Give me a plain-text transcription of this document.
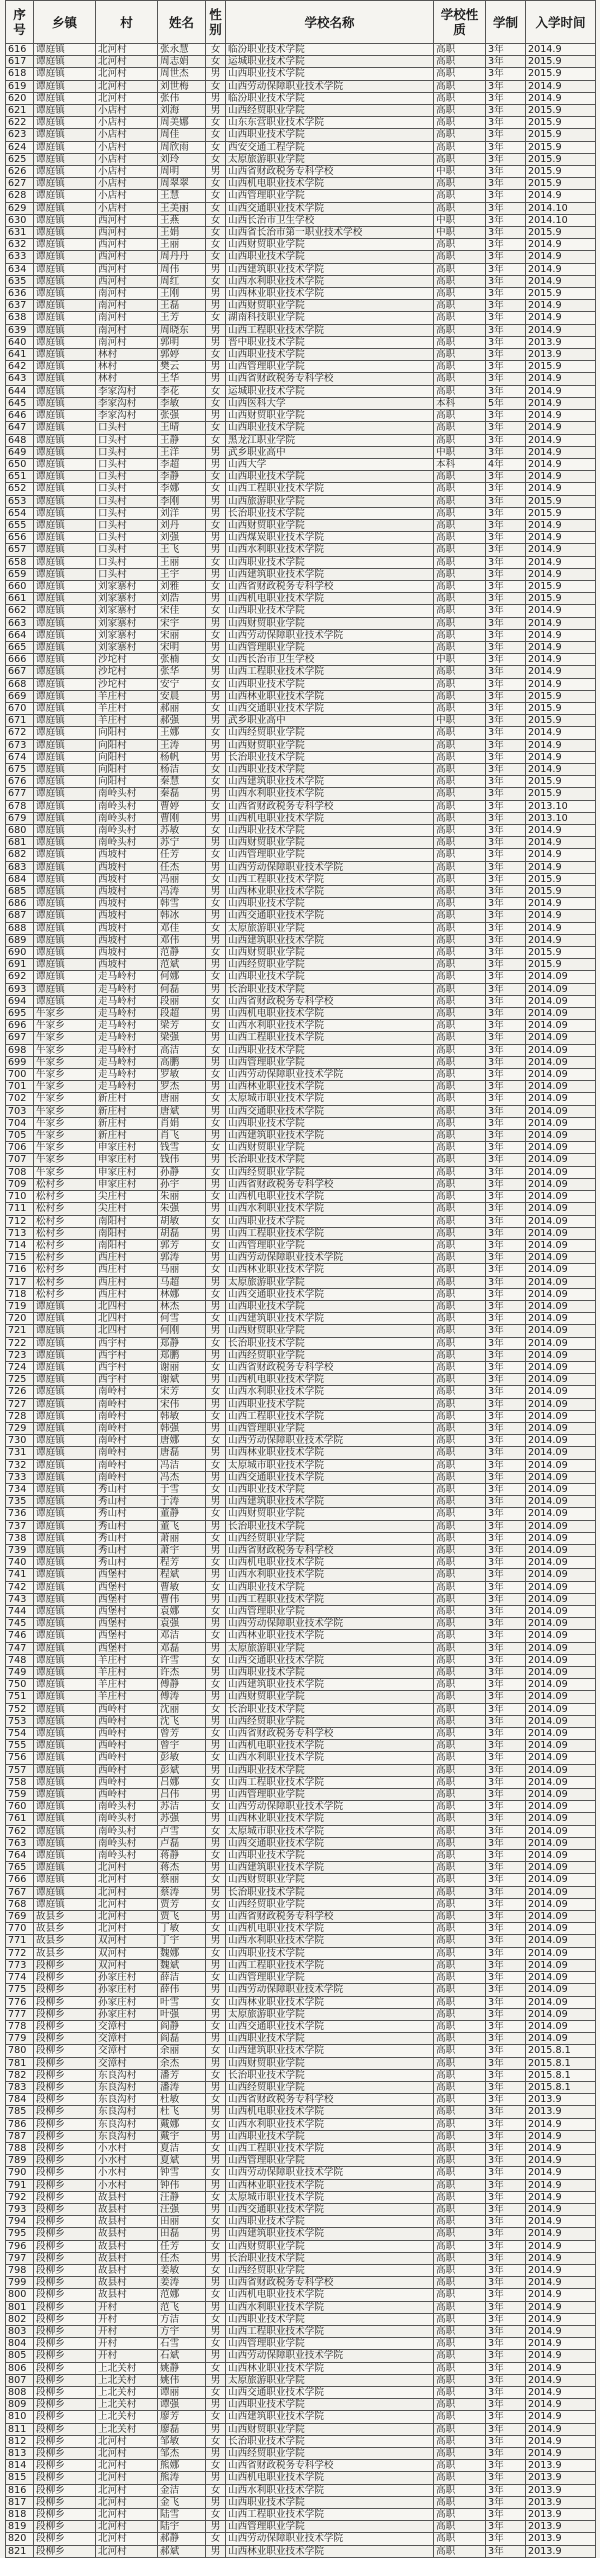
序号	乡镇	村	姓名	性别	学校名称	学校性质	学制	入学时间
616	谭庭镇	北河村	张永慧	女	临汾职业技术学院	高职	3年	2014.9
617	谭庭镇	北河村	周志娟	女	运城职业技术学院	高职	3年	2015.9
618	谭庭镇	北河村	周世杰	男	山西职业技术学院	高职	3年	2015.9
619	谭庭镇	北河村	刘世梅	女	山西劳动保障职业技术学院	高职	3年	2014.9
620	谭庭镇	北河村	张伟	男	临汾职业技术学院	高职	3年	2014.9
621	谭庭镇	小店村	刘海	男	山西经贸职业学院	高职	3年	2015.9
622	谭庭镇	小店村	周美娜	女	山东东营职业技术学院	高职	3年	2015.9
623	谭庭镇	小店村	周佳	女	山西职业技术学院	高职	3年	2015.9
624	谭庭镇	小店村	周欣雨	女	西安交通工程学院	高职	3年	2015.9
625	谭庭镇	小店村	刘玲	女	太原旅游职业学院	高职	3年	2015.9
626	谭庭镇	小店村	周明	男	山西省财政税务专科学校	中职	3年	2015.9
627	谭庭镇	小店村	周翠翠	女	山西机电职业技术学院	高职	3年	2015.9
628	谭庭镇	小店村	王慧	女	山西管理职业学院	高职	3年	2014.9
629	谭庭镇	小店村	王美丽	女	山西交通职业技术学院	高职	3年	2014.10
630	谭庭镇	西河村	王燕	女	山西长治市卫生学校	中职	3年	2014.10
631	谭庭镇	西河村	王娟	女	山西省长治市第一职业技术学校	中职	3年	2015.9
632	谭庭镇	西河村	王丽	女	山西财贸职业学院	高职	3年	2014.9
633	谭庭镇	西河村	周丹丹	女	山西职业技术学院	高职	3年	2014.9
634	谭庭镇	西河村	周伟	男	山西建筑职业技术学院	高职	3年	2014.9
635	谭庭镇	西河村	周红	女	山西水利职业技术学院	高职	3年	2014.9
636	谭庭镇	南河村	王刚	男	山西林业职业技术学院	高职	3年	2015.9
637	谭庭镇	南河村	王磊	男	山西财贸职业学院	高职	3年	2014.9
638	谭庭镇	南河村	王芳	女	湖南科技职业学院	高职	3年	2014.9
639	谭庭镇	南河村	周晓东	男	山西工程职业技术学院	高职	3年	2014.9
640	谭庭镇	南河村	郭明	男	晋中职业技术学院	高职	3年	2013.9
641	谭庭镇	林村	郭婷	女	山西职业技术学院	高职	3年	2013.9
642	谭庭镇	林村	樊云	男	山西管理职业学院	高职	3年	2015.9
643	谭庭镇	林村	王华	男	山西省财政税务专科学校	高职	3年	2014.9
644	谭庭镇	李家沟村	李花	女	运城职业技术学院	高职	3年	2014.9
645	谭庭镇	李家沟村	李敏	女	山西医科大学	本科	5年	2014.9
646	谭庭镇	李家沟村	张强	男	山西财贸职业学院	高职	3年	2014.9
647	谭庭镇	口头村	王晴	女	山西职业技术学院	高职	3年	2014.9
648	谭庭镇	口头村	王静	女	黑龙江职业学院	高职	3年	2014.9
649	谭庭镇	口头村	王洋	男	武乡职业高中	中职	3年	2014.9
650	谭庭镇	口头村	李超	男	山西大学	本科	4年	2014.9
651	谭庭镇	口头村	李静	女	山西职业技术学院	高职	3年	2014.9
652	谭庭镇	口头村	李娜	女	山西工程职业技术学院	高职	3年	2014.9
653	谭庭镇	口头村	李刚	男	山西旅游职业学院	高职	3年	2015.9
654	谭庭镇	口头村	刘洋	男	长治职业技术学院	高职	3年	2015.9
655	谭庭镇	口头村	刘丹	女	山西财贸职业学院	高职	3年	2014.9
656	谭庭镇	口头村	刘强	男	山西煤炭职业技术学院	高职	3年	2014.9
657	谭庭镇	口头村	王飞	男	山西水利职业技术学院	高职	3年	2014.9
658	谭庭镇	口头村	王丽	女	山西职业技术学院	高职	3年	2014.9
659	谭庭镇	口头村	王宇	男	山西建筑职业技术学院	高职	3年	2014.9
660	谭庭镇	刘家寨村	刘雅	女	山西省财政税务专科学校	高职	3年	2015.9
661	谭庭镇	刘家寨村	刘浩	男	山西机电职业技术学院	高职	3年	2015.9
662	谭庭镇	刘家寨村	宋佳	女	山西职业技术学院	高职	3年	2014.9
663	谭庭镇	刘家寨村	宋宇	男	山西财贸职业学院	高职	3年	2014.9
664	谭庭镇	刘家寨村	宋丽	女	山西劳动保障职业技术学院	高职	3年	2014.9
665	谭庭镇	刘家寨村	宋明	男	山西管理职业学院	高职	3年	2014.9
666	谭庭镇	沙坨村	张楠	女	山西长治市卫生学校	中职	3年	2014.9
667	谭庭镇	沙坨村	张华	男	山西工程职业技术学院	高职	3年	2014.9
668	谭庭镇	沙坨村	安宁	女	山西职业技术学院	高职	3年	2014.9
669	谭庭镇	羊庄村	安晨	男	山西林业职业技术学院	高职	3年	2015.9
670	谭庭镇	羊庄村	郝丽	女	山西交通职业技术学院	高职	3年	2015.9
671	谭庭镇	羊庄村	郝强	男	武乡职业高中	中职	3年	2015.9
672	谭庭镇	向阳村	王娜	女	山西经贸职业学院	高职	3年	2014.9
673	谭庭镇	向阳村	王涛	男	山西财贸职业学院	高职	3年	2014.9
674	谭庭镇	向阳村	杨帆	男	长治职业技术学院	高职	3年	2014.9
675	谭庭镇	向阳村	杨洁	女	山西职业技术学院	高职	3年	2014.9
676	谭庭镇	向阳村	秦慧	女	山西建筑职业技术学院	高职	3年	2015.9
677	谭庭镇	南岭头村	秦磊	男	山西水利职业技术学院	高职	3年	2015.9
678	谭庭镇	南岭头村	曹婷	女	山西省财政税务专科学校	高职	3年	2013.10
679	谭庭镇	南岭头村	曹刚	男	山西机电职业技术学院	高职	3年	2013.10
680	谭庭镇	南岭头村	苏敏	女	山西职业技术学院	高职	3年	2014.9
681	谭庭镇	南岭头村	苏宁	男	山西财贸职业学院	高职	3年	2014.9
682	谭庭镇	西坡村	任芳	女	山西管理职业学院	高职	3年	2014.9
683	谭庭镇	西坡村	任杰	男	山西劳动保障职业技术学院	高职	3年	2014.9
684	谭庭镇	西坡村	冯丽	女	山西工程职业技术学院	高职	3年	2015.9
685	谭庭镇	西坡村	冯涛	男	山西林业职业技术学院	高职	3年	2015.9
686	谭庭镇	西坡村	韩雪	女	山西职业技术学院	高职	3年	2014.9
687	谭庭镇	西坡村	韩冰	男	山西交通职业技术学院	高职	3年	2014.9
688	谭庭镇	西坡村	邓佳	女	太原旅游职业学院	高职	3年	2014.9
689	谭庭镇	西坡村	邓伟	男	山西建筑职业技术学院	高职	3年	2014.9
690	谭庭镇	西坡村	范静	女	山西财贸职业学院	高职	3年	2015.9
691	谭庭镇	西坡村	范斌	男	山西经贸职业学院	高职	3年	2015.9
692	谭庭镇	走马岭村	何娜	女	山西职业技术学院	高职	3年	2014.09
693	谭庭镇	走马岭村	何磊	男	长治职业技术学院	高职	3年	2014.09
694	谭庭镇	走马岭村	段丽	女	山西省财政税务专科学校	高职	3年	2014.09
695	牛家乡	走马岭村	段超	男	山西机电职业技术学院	高职	3年	2014.09
696	牛家乡	走马岭村	梁芳	女	山西水利职业技术学院	高职	3年	2014.09
697	牛家乡	走马岭村	梁强	男	山西工程职业技术学院	高职	3年	2014.09
698	牛家乡	走马岭村	高洁	女	山西职业技术学院	高职	3年	2014.09
699	牛家乡	走马岭村	高鹏	男	山西管理职业学院	高职	3年	2014.09
700	牛家乡	走马岭村	罗敏	女	山西劳动保障职业技术学院	高职	3年	2014.09
701	牛家乡	走马岭村	罗杰	男	山西林业职业技术学院	高职	3年	2014.09
702	牛家乡	新庄村	唐丽	女	太原城市职业技术学院	高职	3年	2014.09
703	牛家乡	新庄村	唐斌	男	山西交通职业技术学院	高职	3年	2014.09
704	牛家乡	新庄村	肖娟	女	山西职业技术学院	高职	3年	2014.09
705	牛家乡	新庄村	肖飞	男	山西建筑职业技术学院	高职	3年	2014.09
706	牛家乡	申家庄村	钱雪	女	山西财贸职业学院	高职	3年	2014.09
707	牛家乡	申家庄村	钱伟	男	长治职业技术学院	高职	3年	2014.09
708	牛家乡	申家庄村	孙静	女	山西经贸职业学院	高职	3年	2014.09
709	松村乡	申家庄村	孙宇	男	山西省财政税务专科学校	高职	3年	2014.09
710	松村乡	尖庄村	朱丽	女	山西机电职业技术学院	高职	3年	2014.09
711	松村乡	尖庄村	朱强	男	山西水利职业技术学院	高职	3年	2014.09
712	松村乡	南阳村	胡敏	女	山西职业技术学院	高职	3年	2014.09
713	松村乡	南阳村	胡磊	男	山西工程职业技术学院	高职	3年	2014.09
714	松村乡	南阳村	郭芳	女	山西管理职业学院	高职	3年	2014.09
715	松村乡	西庄村	郭涛	男	山西劳动保障职业技术学院	高职	3年	2014.09
716	松村乡	西庄村	马丽	女	山西林业职业技术学院	高职	3年	2014.09
717	松村乡	西庄村	马超	男	太原旅游职业学院	高职	3年	2014.09
718	松村乡	西庄村	林娜	女	山西交通职业技术学院	高职	3年	2014.09
719	谭庭镇	北四村	林杰	男	山西职业技术学院	高职	3年	2014.09
720	谭庭镇	北四村	何雪	女	山西建筑职业技术学院	高职	3年	2014.09
721	谭庭镇	北四村	何刚	男	山西财贸职业学院	高职	3年	2014.09
722	谭庭镇	西宇村	郑静	女	长治职业技术学院	高职	3年	2014.09
723	谭庭镇	西宇村	郑鹏	男	山西经贸职业学院	高职	3年	2014.09
724	谭庭镇	西宇村	谢丽	女	山西省财政税务专科学校	高职	3年	2014.09
725	谭庭镇	西宇村	谢斌	男	山西机电职业技术学院	高职	3年	2014.09
726	谭庭镇	南岭村	宋芳	女	山西水利职业技术学院	高职	3年	2014.09
727	谭庭镇	南岭村	宋伟	男	山西职业技术学院	高职	3年	2014.09
728	谭庭镇	南岭村	韩敏	女	山西工程职业技术学院	高职	3年	2014.09
729	谭庭镇	南岭村	韩强	男	山西管理职业学院	高职	3年	2014.09
730	谭庭镇	南岭村	唐娜	女	山西劳动保障职业技术学院	高职	3年	2014.09
731	谭庭镇	南岭村	唐磊	男	山西林业职业技术学院	高职	3年	2014.09
732	谭庭镇	南岭村	冯洁	女	太原城市职业技术学院	高职	3年	2014.09
733	谭庭镇	南岭村	冯杰	男	山西交通职业技术学院	高职	3年	2014.09
734	谭庭镇	秀山村	于雪	女	山西职业技术学院	高职	3年	2014.09
735	谭庭镇	秀山村	于涛	男	山西建筑职业技术学院	高职	3年	2014.09
736	谭庭镇	秀山村	董静	女	山西财贸职业学院	高职	3年	2014.09
737	谭庭镇	秀山村	董飞	男	长治职业技术学院	高职	3年	2014.09
738	谭庭镇	秀山村	萧丽	女	山西经贸职业学院	高职	3年	2014.09
739	谭庭镇	秀山村	萧宇	男	山西省财政税务专科学校	高职	3年	2014.09
740	谭庭镇	秀山村	程芳	女	山西机电职业技术学院	高职	3年	2014.09
741	谭庭镇	西堡村	程斌	男	山西水利职业技术学院	高职	3年	2014.09
742	谭庭镇	西堡村	曹敏	女	山西职业技术学院	高职	3年	2014.09
743	谭庭镇	西堡村	曹伟	男	山西工程职业技术学院	高职	3年	2014.09
744	谭庭镇	西堡村	袁娜	女	山西管理职业学院	高职	3年	2014.09
745	谭庭镇	西堡村	袁强	男	山西劳动保障职业技术学院	高职	3年	2014.09
746	谭庭镇	西堡村	邓洁	女	山西林业职业技术学院	高职	3年	2014.09
747	谭庭镇	西堡村	邓磊	男	太原旅游职业学院	高职	3年	2014.09
748	谭庭镇	羊庄村	许雪	女	山西交通职业技术学院	高职	3年	2014.09
749	谭庭镇	羊庄村	许杰	男	山西职业技术学院	高职	3年	2014.09
750	谭庭镇	羊庄村	傅静	女	山西建筑职业技术学院	高职	3年	2014.09
751	谭庭镇	羊庄村	傅涛	男	山西财贸职业学院	高职	3年	2014.09
752	谭庭镇	西岭村	沈丽	女	长治职业技术学院	高职	3年	2014.09
753	谭庭镇	西岭村	沈飞	男	山西经贸职业学院	高职	3年	2014.09
754	谭庭镇	西岭村	曾芳	女	山西省财政税务专科学校	高职	3年	2014.09
755	谭庭镇	西岭村	曾宇	男	山西机电职业技术学院	高职	3年	2014.09
756	谭庭镇	西岭村	彭敏	女	山西水利职业技术学院	高职	3年	2014.09
757	谭庭镇	西岭村	彭斌	男	山西职业技术学院	高职	3年	2014.09
758	谭庭镇	西岭村	吕娜	女	山西工程职业技术学院	高职	3年	2014.09
759	谭庭镇	西岭村	吕伟	男	山西管理职业学院	高职	3年	2014.09
760	谭庭镇	南岭头村	苏洁	女	山西劳动保障职业技术学院	高职	3年	2014.09
761	谭庭镇	南岭头村	苏强	男	山西林业职业技术学院	高职	3年	2014.09
762	谭庭镇	南岭头村	卢雪	女	太原城市职业技术学院	高职	3年	2014.09
763	谭庭镇	南岭头村	卢磊	男	山西交通职业技术学院	高职	3年	2014.09
764	谭庭镇	南岭头村	蒋静	女	山西职业技术学院	高职	3年	2014.09
765	谭庭镇	北河村	蒋杰	男	山西建筑职业技术学院	高职	3年	2014.09
766	谭庭镇	北河村	蔡丽	女	山西财贸职业学院	高职	3年	2014.09
767	谭庭镇	北河村	蔡涛	男	长治职业技术学院	高职	3年	2014.09
768	谭庭镇	北河村	贾芳	女	山西经贸职业学院	高职	3年	2014.09
769	故县乡	北河村	贾飞	男	山西省财政税务专科学校	高职	3年	2014.09
770	故县乡	北河村	丁敏	女	山西机电职业技术学院	高职	3年	2014.09
771	故县乡	双河村	丁宇	男	山西水利职业技术学院	高职	3年	2014.09
772	故县乡	双河村	魏娜	女	山西职业技术学院	高职	3年	2014.09
773	段柳乡	双河村	魏斌	男	山西工程职业技术学院	高职	3年	2014.09
774	段柳乡	孙家庄村	薛洁	女	山西管理职业学院	高职	3年	2014.09
775	段柳乡	孙家庄村	薛伟	男	山西劳动保障职业技术学院	高职	3年	2014.09
776	段柳乡	孙家庄村	叶雪	女	山西林业职业技术学院	高职	3年	2014.09
777	段柳乡	孙家庄村	叶强	男	太原旅游职业学院	高职	3年	2014.09
778	段柳乡	交漳村	阎静	女	山西交通职业技术学院	高职	3年	2014.09
779	段柳乡	交漳村	阎磊	男	山西职业技术学院	高职	3年	2014.09
780	段柳乡	交漳村	余丽	女	山西建筑职业技术学院	高职	3年	2015.8.1
781	段柳乡	交漳村	余杰	男	山西财贸职业学院	高职	3年	2015.8.1
782	段柳乡	东良沟村	潘芳	女	长治职业技术学院	高职	3年	2015.8.1
783	段柳乡	东良沟村	潘涛	男	山西经贸职业学院	高职	3年	2015.8.1
784	段柳乡	东良沟村	杜敏	女	山西省财政税务专科学校	高职	3年	2013.9
785	段柳乡	东良沟村	杜飞	男	山西机电职业技术学院	高职	3年	2013.9
786	段柳乡	东良沟村	戴娜	女	山西水利职业技术学院	高职	3年	2014.9
787	段柳乡	东良沟村	戴宇	男	山西职业技术学院	高职	3年	2014.9
788	段柳乡	小水村	夏洁	女	山西工程职业技术学院	高职	3年	2014.9
789	段柳乡	小水村	夏斌	男	山西管理职业学院	高职	3年	2014.9
790	段柳乡	小水村	钟雪	女	山西劳动保障职业技术学院	高职	3年	2014.9
791	段柳乡	小水村	钟伟	男	山西林业职业技术学院	高职	3年	2014.9
792	段柳乡	故县村	汪静	女	太原城市职业技术学院	高职	3年	2014.9
793	段柳乡	故县村	汪强	男	山西交通职业技术学院	高职	3年	2014.9
794	段柳乡	故县村	田丽	女	山西职业技术学院	高职	3年	2014.9
795	段柳乡	故县村	田磊	男	山西建筑职业技术学院	高职	3年	2014.9
796	段柳乡	故县村	任芳	女	山西财贸职业学院	高职	3年	2014.9
797	段柳乡	故县村	任杰	男	长治职业技术学院	高职	3年	2014.9
798	段柳乡	故县村	姜敏	女	山西经贸职业学院	高职	3年	2014.9
799	段柳乡	故县村	姜涛	男	山西省财政税务专科学校	高职	3年	2014.9
800	段柳乡	故县村	范娜	女	山西机电职业技术学院	高职	3年	2014.9
801	段柳乡	开村	范飞	男	山西水利职业技术学院	高职	3年	2014.9
802	段柳乡	开村	方洁	女	山西职业技术学院	高职	3年	2014.9
803	段柳乡	开村	方宇	男	山西工程职业技术学院	高职	3年	2014.9
804	段柳乡	开村	石雪	女	山西管理职业学院	高职	3年	2014.9
805	段柳乡	开村	石斌	男	山西劳动保障职业技术学院	高职	3年	2014.9
806	段柳乡	上北关村	姚静	女	山西林业职业技术学院	高职	3年	2014.9
807	段柳乡	上北关村	姚伟	男	太原旅游职业学院	高职	3年	2014.9
808	段柳乡	上北关村	谭丽	女	山西交通职业技术学院	高职	3年	2014.9
809	段柳乡	上北关村	谭强	男	山西职业技术学院	高职	3年	2014.9
810	段柳乡	上北关村	廖芳	女	山西建筑职业技术学院	高职	3年	2014.9
811	段柳乡	上北关村	廖磊	男	山西财贸职业学院	高职	3年	2014.9
812	段柳乡	北河村	邹敏	女	长治职业技术学院	高职	3年	2014.9
813	段柳乡	北河村	邹杰	男	山西经贸职业学院	高职	3年	2014.9
814	段柳乡	北河村	熊娜	女	山西省财政税务专科学校	高职	3年	2013.9
815	段柳乡	北河村	熊涛	男	山西机电职业技术学院	高职	3年	2013.9
816	段柳乡	北河村	金洁	女	山西水利职业技术学院	高职	3年	2013.9
817	段柳乡	北河村	金飞	男	山西职业技术学院	高职	3年	2013.9
818	段柳乡	北河村	陆雪	女	山西工程职业技术学院	高职	3年	2013.9
819	段柳乡	北河村	陆宇	男	山西管理职业学院	高职	3年	2013.9
820	段柳乡	北河村	郝静	女	山西劳动保障职业技术学院	高职	3年	2013.9
821	段柳乡	北河村	郝斌	男	山西林业职业技术学院	高职	3年	2013.9
